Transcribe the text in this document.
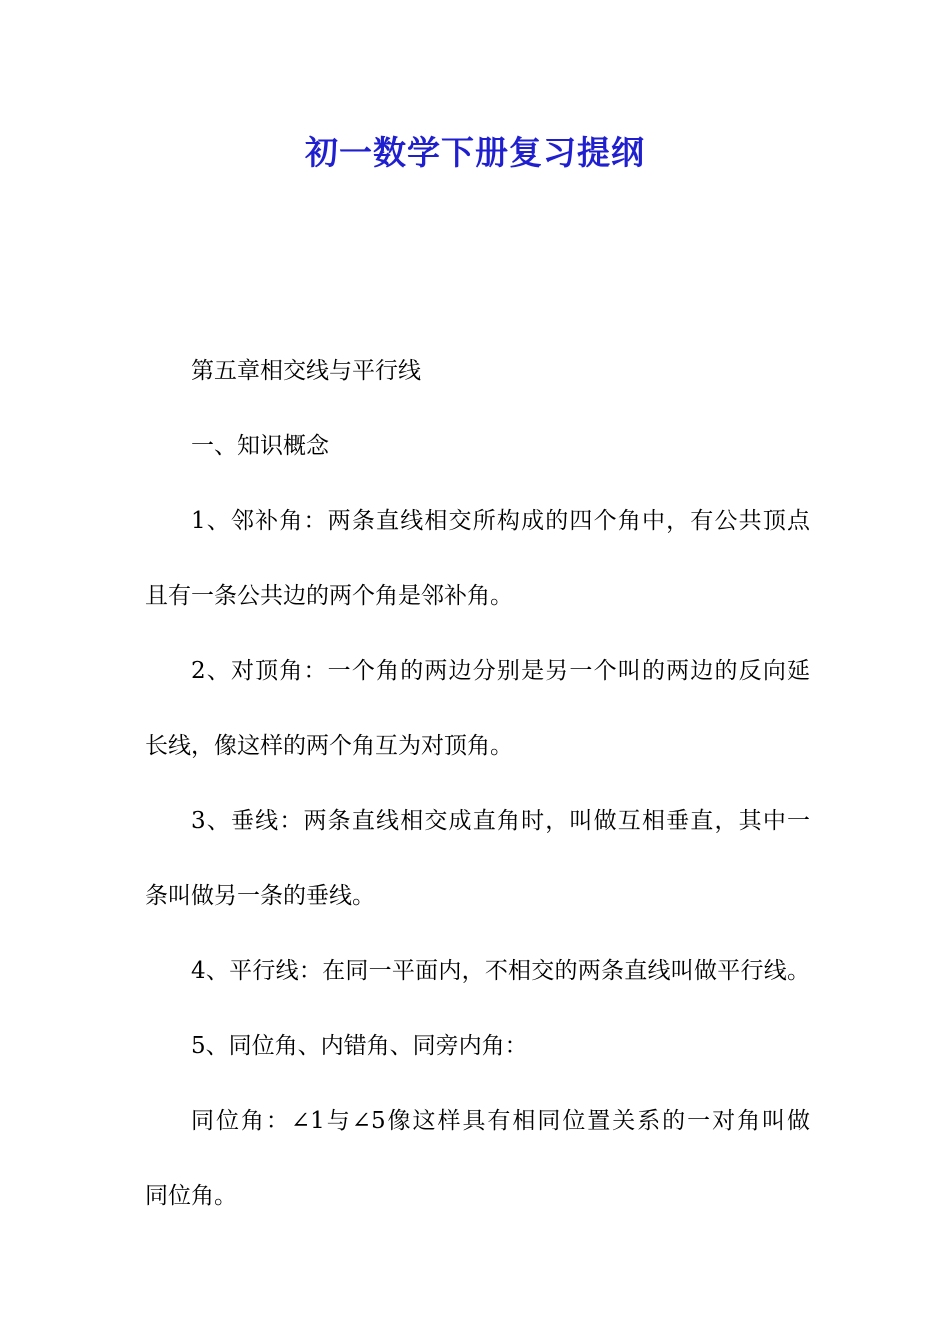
初一数学下册复习提纲
第五章相交线与平行线
一、知识概念
1、邻补角：两条直线相交所构成的四个角中，有公共顶点
且有一条公共边的两个角是邻补角。
2、对顶角：一个角的两边分别是另一个叫的两边的反向延
长线，像这样的两个角互为对顶角。
3、垂线：两条直线相交成直角时，叫做互相垂直，其中一
条叫做另一条的垂线。
4、平行线：在同一平面内，不相交的两条直线叫做平行线。
5、同位角、内错角、同旁内角：
同位角：∠1与∠5像这样具有相同位置关系的一对角叫做
同位角。
